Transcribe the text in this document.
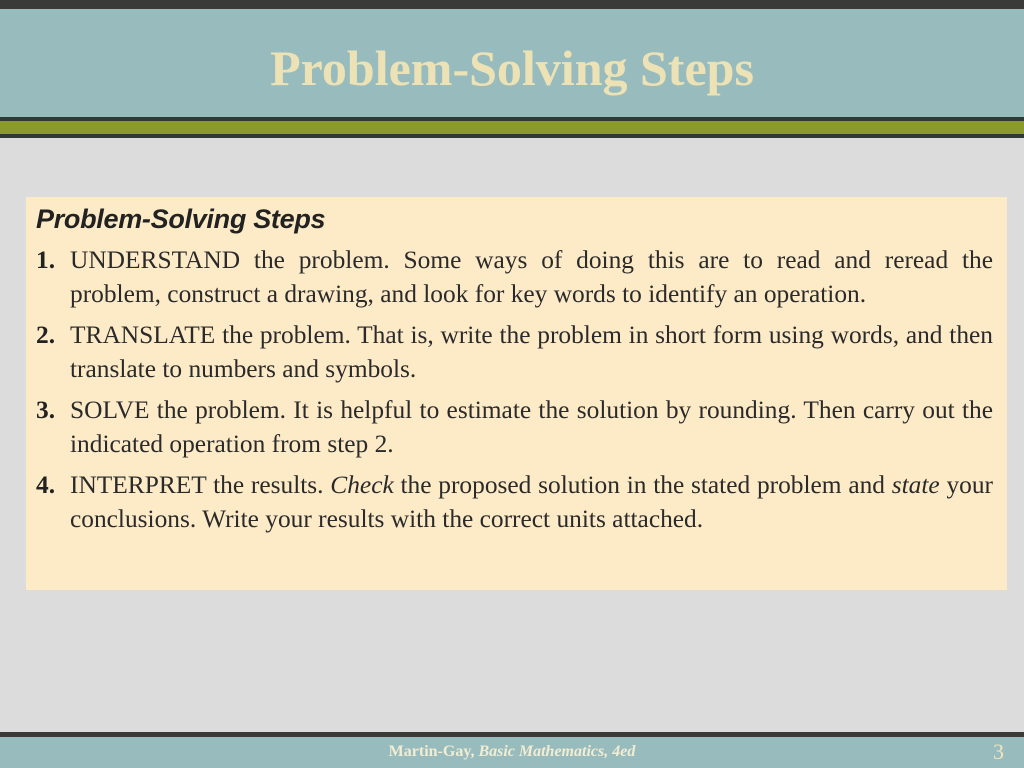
Problem-Solving Steps
Problem-Solving Steps
1. UNDERSTAND the problem. Some ways of doing this are to read and reread the problem, construct a drawing, and look for key words to identify an operation.
2. TRANSLATE the problem. That is, write the problem in short form using words, and then translate to numbers and symbols.
3. SOLVE the problem. It is helpful to estimate the solution by rounding. Then carry out the indicated operation from step 2.
4. INTERPRET the results. Check the proposed solution in the stated problem and state your conclusions. Write your results with the correct units attached.
Martin-Gay, Basic Mathematics, 4ed	3
